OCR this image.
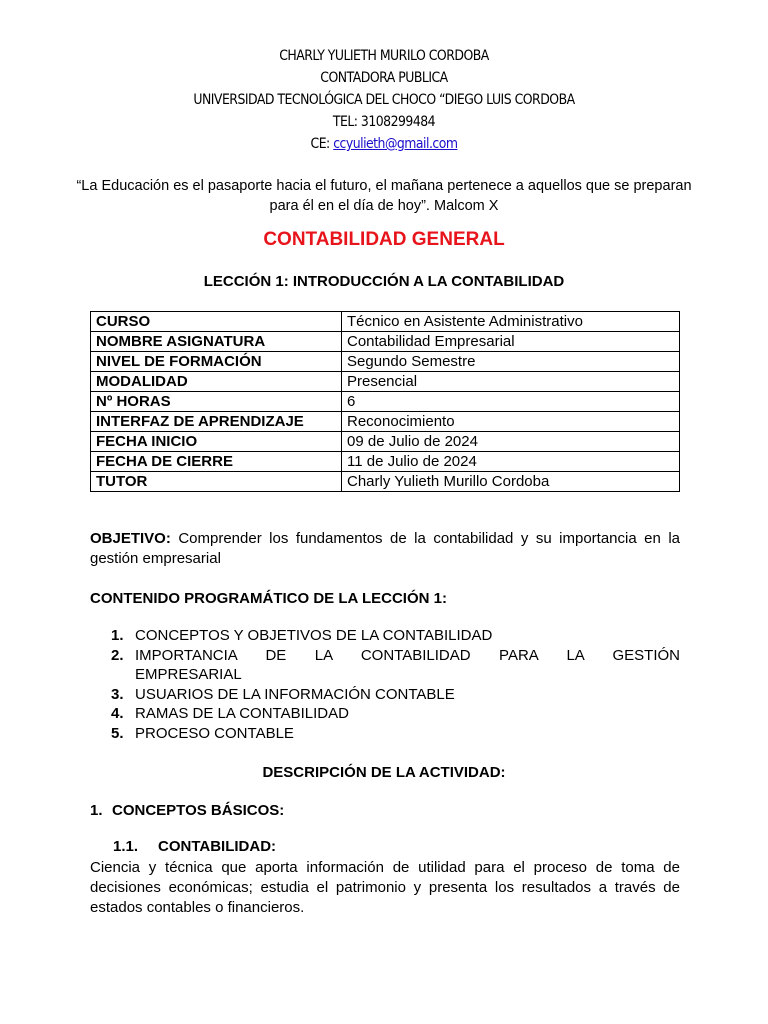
CHARLY YULIETH MURILO CORDOBA
CONTADORA PUBLICA
UNIVERSIDAD TECNOLÓGICA DEL CHOCO “DIEGO LUIS CORDOBA
TEL: 3108299484
CE: ccyulieth@gmail.com
“La Educación es el pasaporte hacia el futuro, el mañana pertenece a aquellos que se preparan para él en el día de hoy”. Malcom X
CONTABILIDAD GENERAL
LECCIÓN 1: INTRODUCCIÓN A LA CONTABILIDAD
CURSO	Técnico en Asistente Administrativo
NOMBRE ASIGNATURA	Contabilidad Empresarial
NIVEL DE FORMACIÓN	Segundo Semestre
MODALIDAD	Presencial
Nº HORAS	6
INTERFAZ DE APRENDIZAJE	Reconocimiento
FECHA INICIO	09 de Julio de 2024
FECHA DE CIERRE	11 de Julio de 2024
TUTOR	Charly Yulieth Murillo Cordoba
OBJETIVO: Comprender los fundamentos de la contabilidad y su importancia en la gestión empresarial
CONTENIDO PROGRAMÁTICO DE LA LECCIÓN 1:
1. CONCEPTOS Y OBJETIVOS DE LA CONTABILIDAD
2. IMPORTANCIA DE LA CONTABILIDAD PARA LA GESTIÓN
EMPRESARIAL
3. USUARIOS DE LA INFORMACIÓN CONTABLE
4. RAMAS DE LA CONTABILIDAD
5. PROCESO CONTABLE
DESCRIPCIÓN DE LA ACTIVIDAD:
1. CONCEPTOS BÁSICOS:
1.1. CONTABILIDAD:
Ciencia y técnica que aporta información de utilidad para el proceso de toma de decisiones económicas; estudia el patrimonio y presenta los resultados a través de estados contables o financieros.
